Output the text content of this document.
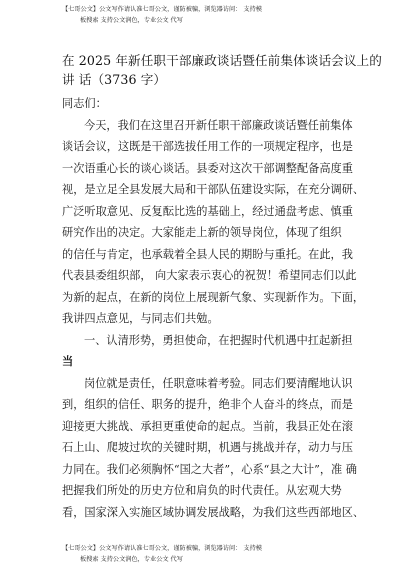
【七哥公文】公文写作请认准七哥公文，谨防被骗，浏览器访问： 支持模
板搜索 支持公文润色，专业公文 代写
在 2025 年新任职干部廉政谈话暨任前集体谈话会议上的
讲 话（3736 字）
同志们：
今天，我们在这里召开新任职干部廉政谈话暨任前集体
谈话会议，这既是干部选拔任用工作的一项规定程序，也是
一次语重心长的谈心谈话。县委对这次干部调整配备高度重
视，是立足全县发展大局和干部队伍建设实际，在充分调研、
广泛听取意见、反复酝比选的基础上，经过通盘考虑、慎重
研究作出的决定。大家能走上新的领导岗位，体现了组织
的信任与肯定，也承载着全县人民的期盼与重托。在此，我
代表县委组织部， 向大家表示衷心的祝贺！希望同志们以此
为新的起点，在新的岗位上展现新气象、实现新作为。下面，
我讲四点意见，与同志们共勉。
一、认清形势，勇担使命，在把握时代机遇中扛起新担
当
岗位就是责任，任职意味着考验。同志们要清醒地认识
到，组织的信任、职务的提升，绝非个人奋斗的终点，而是
迎接更大挑战、承担更重使命的起点。当前，我县正处在滚
石上山、爬坡过坎的关键时期，机遇与挑战并存，动力与压
力同在。我们必须胸怀“国之大者”，心系“县之大计”，准 确
把握我们所处的历史方位和肩负的时代责任。从宏观大势
看，国家深入实施区域协调发展战略，为我们这些西部地区、
【七哥公文】公文写作请认准七哥公文，谨防被骗，浏览器访问： 支持模
板搜索 支持公文润色，专业公文 代写
